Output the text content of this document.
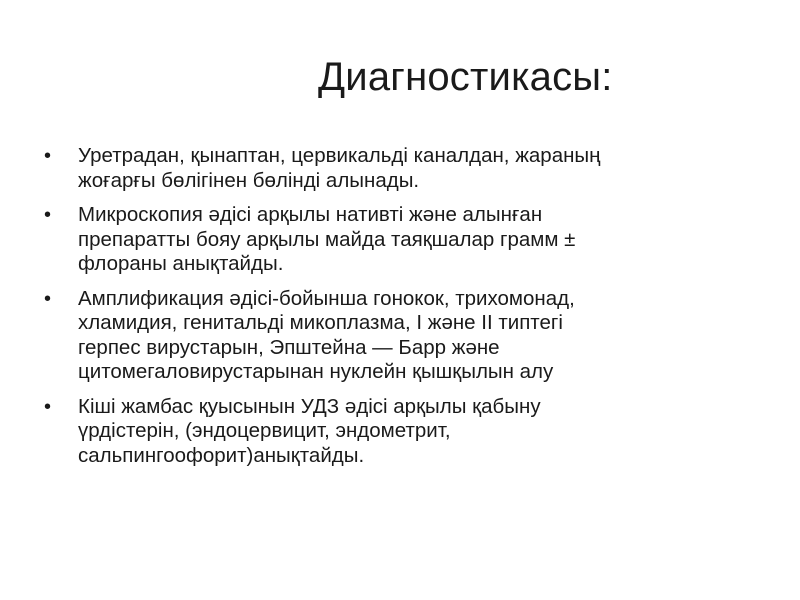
Диагностикасы:
• Уретрадан, қынаптан, цервикальді каналдан, жараның
жоғарғы бөлігінен бөлінді алынады.
• Микроскопия әдісі арқылы нативті және алынған
препаратты бояу арқылы майда таяқшалар грамм ±
флораны анықтайды.
• Амплификация әдісі-бойынша гонокок, трихомонад,
хламидия, генитальді микоплазма, I және II типтегі
герпес вирустарын, Эпштейна — Барр және
цитомегаловирустарынан нуклейн қышқылын алу
• Кіші жамбас қуысынын УДЗ әдісі арқылы қабыну
үрдістерін, (эндоцервицит, эндометрит,
сальпингоофорит)анықтайды.
